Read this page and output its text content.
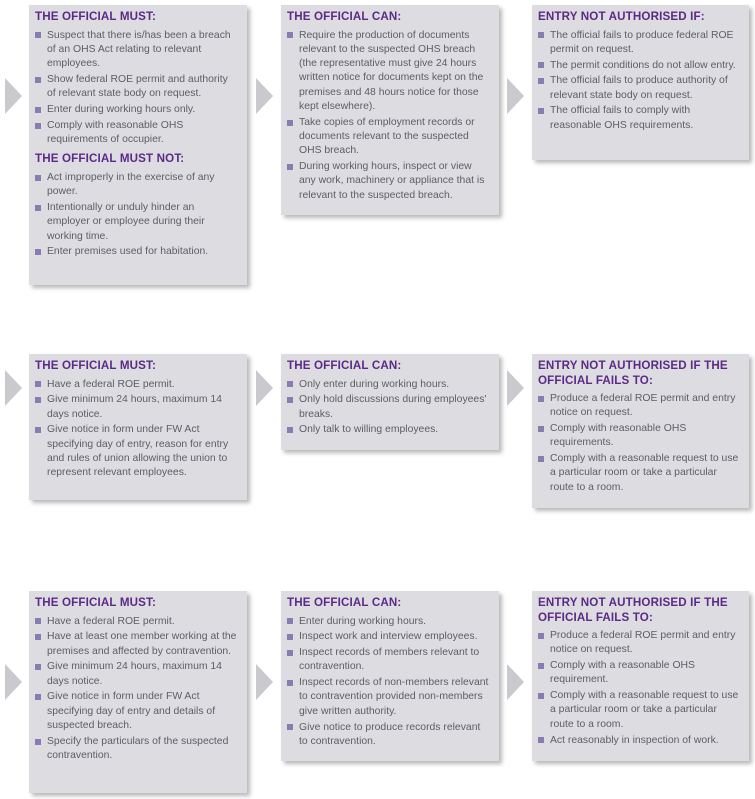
THE OFFICIAL MUST:
Suspect that there is/has been a breach of an OHS Act relating to relevant employees.
Show federal ROE permit and authority of relevant state body on request.
Enter during working hours only.
Comply with reasonable OHS requirements of occupier.
THE OFFICIAL MUST NOT:
Act improperly in the exercise of any power.
Intentionally or unduly hinder an employer or employee during their working time.
Enter premises used for habitation.
THE OFFICIAL CAN:
Require the production of documents relevant to the suspected OHS breach (the representative must give 24 hours written notice for documents kept on the premises and 48 hours notice for those kept elsewhere).
Take copies of employment records or documents relevant to the suspected OHS breach.
During working hours, inspect or view any work, machinery or appliance that is relevant to the suspected breach.
ENTRY NOT AUTHORISED IF:
The official fails to produce federal ROE permit on request.
The permit conditions do not allow entry.
The official fails to produce authority of relevant state body on request.
The official fails to comply with reasonable OHS requirements.
THE OFFICIAL MUST:
Have a federal ROE permit.
Give minimum 24 hours, maximum 14 days notice.
Give notice in form under FW Act specifying day of entry, reason for entry and rules of union allowing the union to represent relevant employees.
THE OFFICIAL CAN:
Only enter during working hours.
Only hold discussions during employees' breaks.
Only talk to willing employees.
ENTRY NOT AUTHORISED IF THE OFFICIAL FAILS TO:
Produce a federal ROE permit and entry notice on request.
Comply with reasonable OHS requirements.
Comply with a reasonable request to use a particular room or take a particular route to a room.
THE OFFICIAL MUST:
Have a federal ROE permit.
Have at least one member working at the premises and affected by contravention.
Give minimum 24 hours, maximum 14 days notice.
Give notice in form under FW Act specifying day of entry and details of suspected breach.
Specify the particulars of the suspected contravention.
THE OFFICIAL CAN:
Enter during working hours.
Inspect work and interview employees.
Inspect records of members relevant to contravention.
Inspect records of non-members relevant to contravention provided non-members give written authority.
Give notice to produce records relevant to contravention.
ENTRY NOT AUTHORISED IF THE OFFICIAL FAILS TO:
Produce a federal ROE permit and entry notice on request.
Comply with a reasonable OHS requirement.
Comply with a reasonable request to use a particular room or take a particular route to a room.
Act reasonably in inspection of work.
